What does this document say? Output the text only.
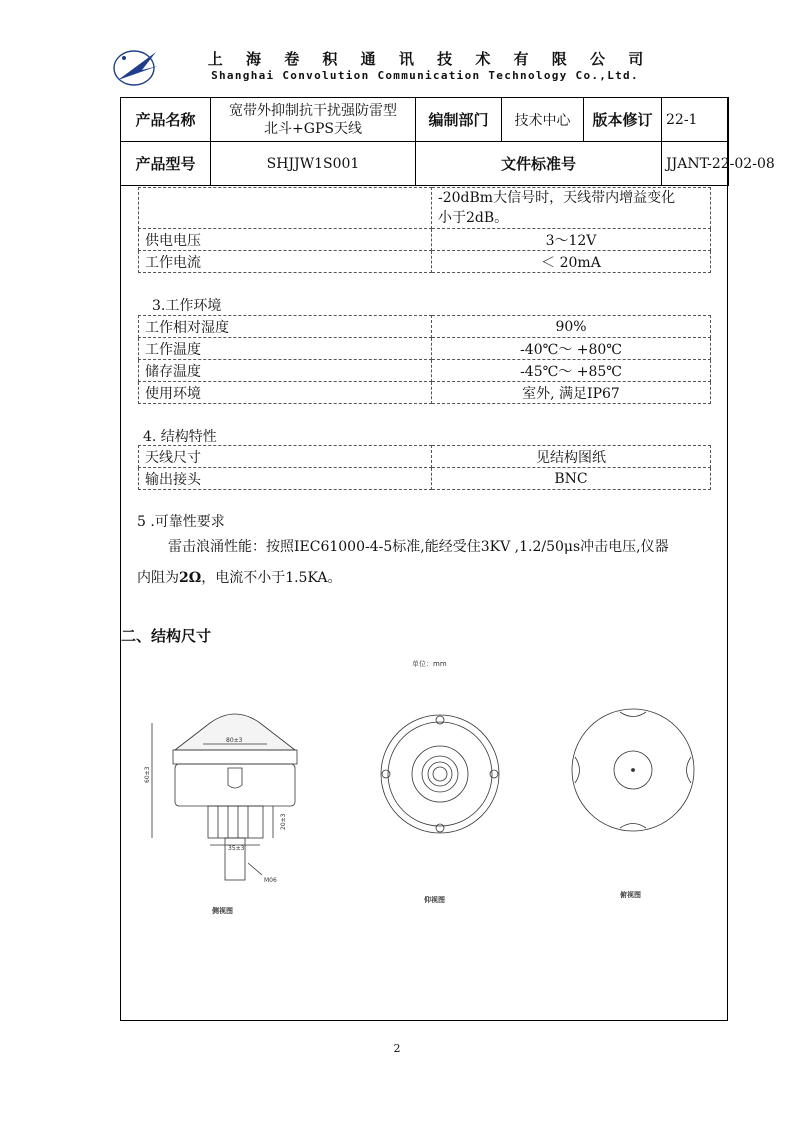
上 海 卷 积 通 讯 技 术 有 限 公 司
Shanghai Convolution Communication Technology Co.,Ltd.
产品名称	宽带外抑制抗干扰强防雷型
北斗+GPS天线	编制部门	技术中心	版本修订	22-1
产品型号	SHJJW1S001	文件标准号			JJANT-22-02-08

	-20dBm大信号时，天线带内增益变化
小于2dB。

供电电压	3～12V
工作电流	＜ 20mA
3.工作环境
工作相对湿度	90%
工作温度	-40℃～ +80℃
储存温度	-45℃～ +85℃
使用环境	室外, 满足IP67
4. 结构特性
天线尺寸	见结构图纸
输出接头	BNC
5 .可靠性要求
雷击浪涌性能：按照IEC61000-4-5标准,能经受住3KV ,1.2/50μs冲击电压,仪器
内阻为2Ω，电流不小于1.5KA。
二、结构尺寸
单位：mm
80±3
60±3
35±3
20±3
M06
侧视图
仰视图
俯视图
2
